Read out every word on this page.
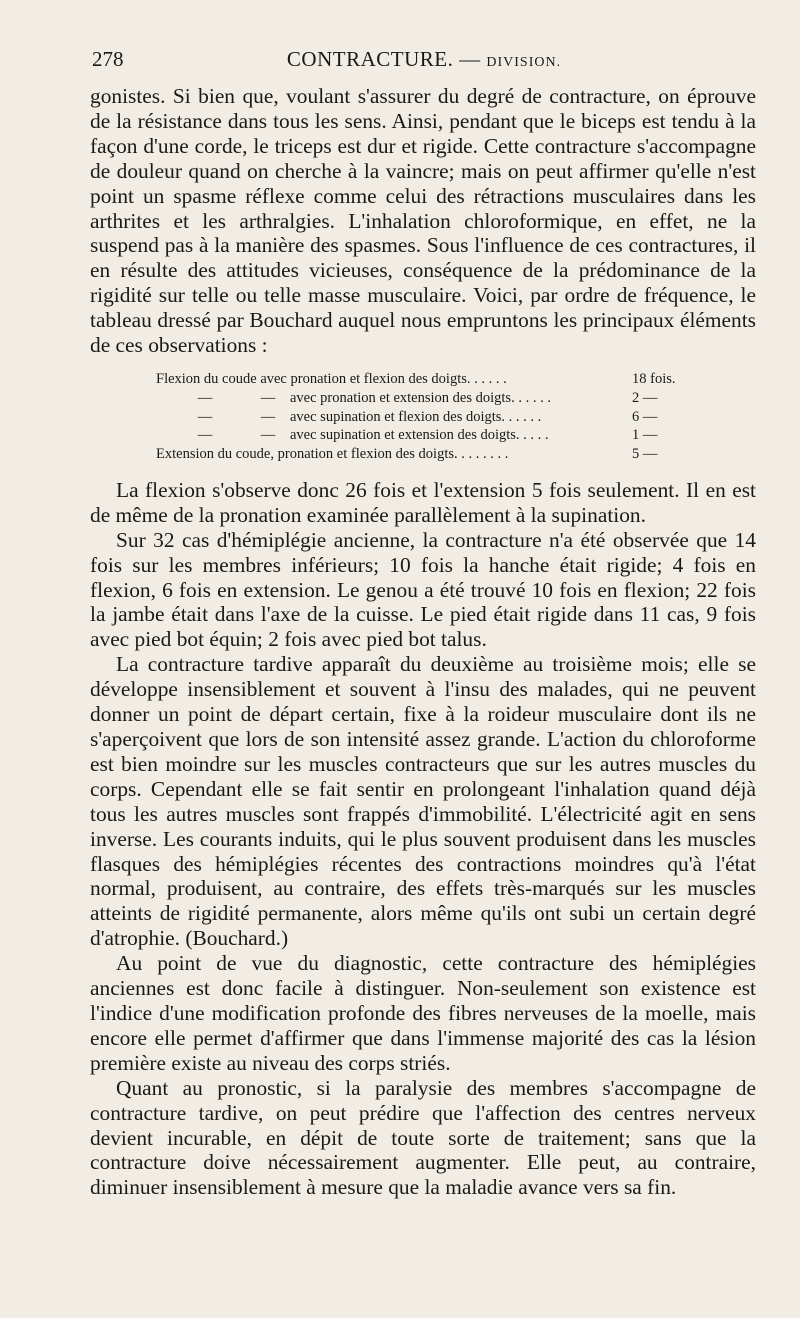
278	CONTRACTURE. — DIVISION.

gonistes. Si bien que, voulant s'assurer du degré de contracture, on éprouve de la résistance dans tous les sens. Ainsi, pendant que le biceps est tendu à la façon d'une corde, le triceps est dur et rigide. Cette contracture s'accompagne de douleur quand on cherche à la vaincre; mais on peut affirmer qu'elle n'est point un spasme réflexe comme celui des rétractions musculaires dans les arthrites et les arthralgies. L'inhalation chloroformique, en effet, ne la suspend pas à la manière des spasmes. Sous l'influence de ces contractures, il en résulte des attitudes vicieuses, conséquence de la prédominance de la rigidité sur telle ou telle masse musculaire. Voici, par ordre de fréquence, le tableau dressé par Bouchard auquel nous empruntons les principaux éléments de ces observations :

Flexion du coude avec pronation et flexion des doigts. . . . . .	18 fois.
—	— avec pronation et extension des doigts. . . . . .	2 —
—	— avec supination et flexion des doigts. . . . . .	6 —
—	— avec supination et extension des doigts. . . . .	1 —
Extension du coude, pronation et flexion des doigts. . . . . . . .	5 —

La flexion s'observe donc 26 fois et l'extension 5 fois seulement. Il en est de même de la pronation examinée parallèlement à la supination.

Sur 32 cas d'hémiplégie ancienne, la contracture n'a été observée que 14 fois sur les membres inférieurs; 10 fois la hanche était rigide; 4 fois en flexion, 6 fois en extension. Le genou a été trouvé 10 fois en flexion; 22 fois la jambe était dans l'axe de la cuisse. Le pied était rigide dans 11 cas, 9 fois avec pied bot équin; 2 fois avec pied bot talus.

La contracture tardive apparaît du deuxième au troisième mois; elle se développe insensiblement et souvent à l'insu des malades, qui ne peuvent donner un point de départ certain, fixe à la roideur musculaire dont ils ne s'aperçoivent que lors de son intensité assez grande. L'action du chloroforme est bien moindre sur les muscles contracteurs que sur les autres muscles du corps. Cependant elle se fait sentir en prolongeant l'inhalation quand déjà tous les autres muscles sont frappés d'immobilité. L'électricité agit en sens inverse. Les courants induits, qui le plus souvent produisent dans les muscles flasques des hémiplégies récentes des contractions moindres qu'à l'état normal, produisent, au contraire, des effets très-marqués sur les muscles atteints de rigidité permanente, alors même qu'ils ont subi un certain degré d'atrophie. (Bouchard.)

Au point de vue du diagnostic, cette contracture des hémiplégies anciennes est donc facile à distinguer. Non-seulement son existence est l'indice d'une modification profonde des fibres nerveuses de la moelle, mais encore elle permet d'affirmer que dans l'immense majorité des cas la lésion première existe au niveau des corps striés.

Quant au pronostic, si la paralysie des membres s'accompagne de contracture tardive, on peut prédire que l'affection des centres nerveux devient incurable, en dépit de toute sorte de traitement; sans que la contracture doive nécessairement augmenter. Elle peut, au contraire, diminuer insensiblement à mesure que la maladie avance vers sa fin.
